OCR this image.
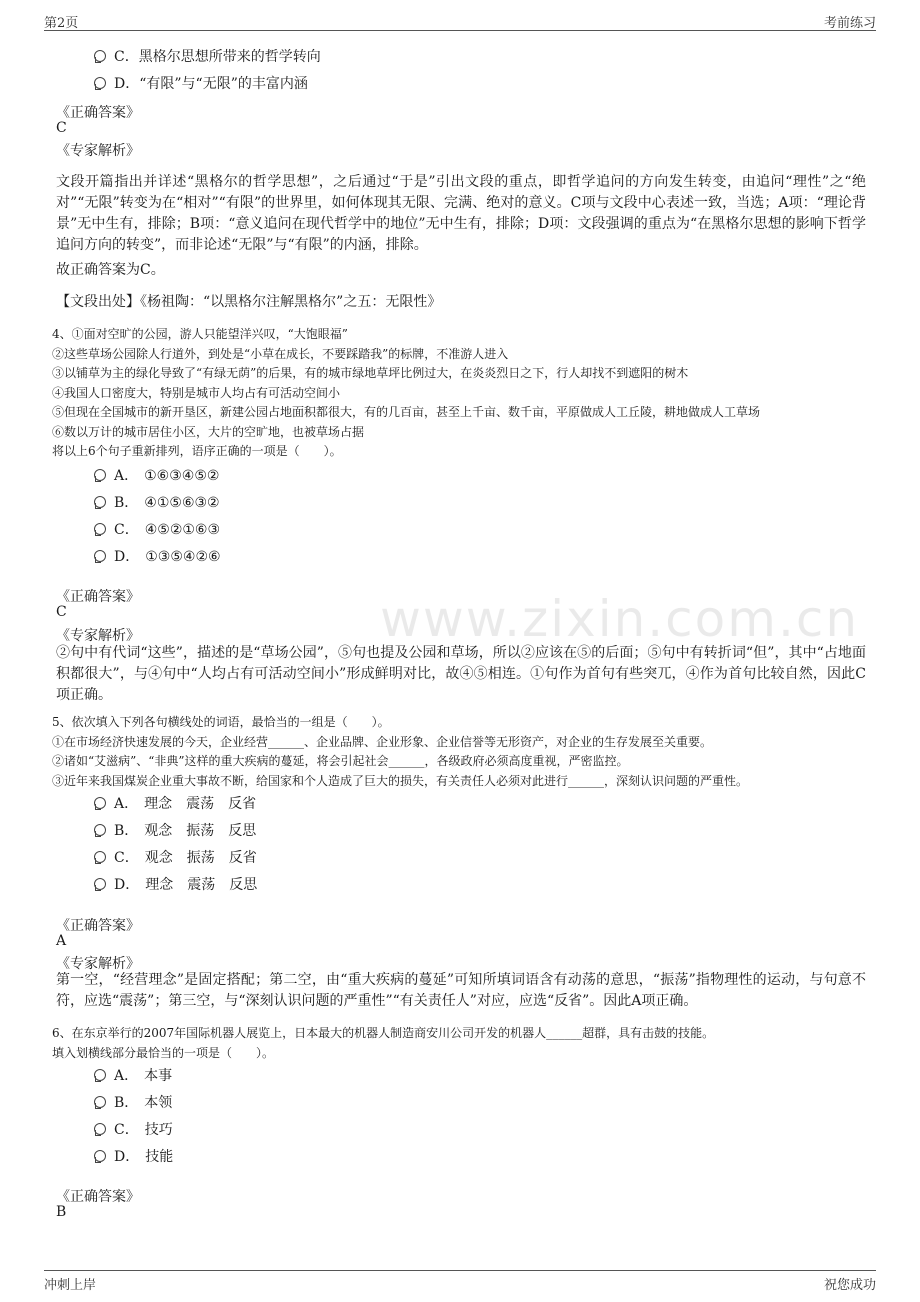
第2页	考前练习
www.zixin.com.cn
C．黑格尔思想所带来的哲学转向
D．“有限”与“无限”的丰富内涵
《正确答案》
C
《专家解析》
文段开篇指出并详述“黑格尔的哲学思想”，之后通过“于是”引出文段的重点，即哲学追问的方向发生转变，由追问“理性”之“绝对”“无限”转变为在“相对”“有限”的世界里，如何体现其无限、完满、绝对的意义。C项与文段中心表述一致，当选；A项：“理论背景”无中生有，排除；B项：“意义追问在现代哲学中的地位”无中生有，排除；D项：文段强调的重点为“在黑格尔思想的影响下哲学追问方向的转变”，而非论述“无限”与“有限”的内涵，排除。
故正确答案为C。
【文段出处】《杨祖陶：“以黑格尔注解黑格尔”之五：无限性》
4、①面对空旷的公园，游人只能望洋兴叹，“大饱眼福”
②这些草场公园除人行道外，到处是“小草在成长，不要踩踏我”的标牌，不准游人进入
③以铺草为主的绿化导致了“有绿无荫”的后果，有的城市绿地草坪比例过大，在炎炎烈日之下，行人却找不到遮阳的树木
④我国人口密度大，特别是城市人均占有可活动空间小
⑤但现在全国城市的新开垦区，新建公园占地面积都很大，有的几百亩，甚至上千亩、数千亩，平原做成人工丘陵，耕地做成人工草场
⑥数以万计的城市居住小区，大片的空旷地，也被草场占据
将以上6个句子重新排列，语序正确的一项是（　　）。
A． ①⑥③④⑤②
B． ④①⑤⑥③②
C． ④⑤②①⑥③
D． ①③⑤④②⑥
《正确答案》
C
《专家解析》
②句中有代词“这些”，描述的是“草场公园”，⑤句也提及公园和草场，所以②应该在⑤的后面；⑤句中有转折词“但”，其中“占地面积都很大”，与④句中“人均占有可活动空间小”形成鲜明对比，故④⑤相连。①句作为首句有些突兀，④作为首句比较自然，因此C项正确。
5、依次填入下列各句横线处的词语，最恰当的一组是（　　）。
①在市场经济快速发展的今天，企业经营______、企业品牌、企业形象、企业信誉等无形资产，对企业的生存发展至关重要。
②诸如“艾滋病”、“非典”这样的重大疾病的蔓延，将会引起社会______，各级政府必须高度重视，严密监控。
③近年来我国煤炭企业重大事故不断，给国家和个人造成了巨大的损失，有关责任人必须对此进行______，深刻认识问题的严重性。
A． 理念　震荡　反省
B． 观念　振荡　反思
C． 观念　振荡　反省
D． 理念　震荡　反思
《正确答案》
A
《专家解析》
第一空，“经营理念”是固定搭配；第二空，由“重大疾病的蔓延”可知所填词语含有动荡的意思，“振荡”指物理性的运动，与句意不符，应选“震荡”；第三空，与“深刻认识问题的严重性”“有关责任人”对应，应选“反省”。因此A项正确。
6、在东京举行的2007年国际机器人展览上，日本最大的机器人制造商安川公司开发的机器人______超群，具有击鼓的技能。
填入划横线部分最恰当的一项是（　　）。
A． 本事
B． 本领
C． 技巧
D． 技能
《正确答案》
B
冲刺上岸	祝您成功
